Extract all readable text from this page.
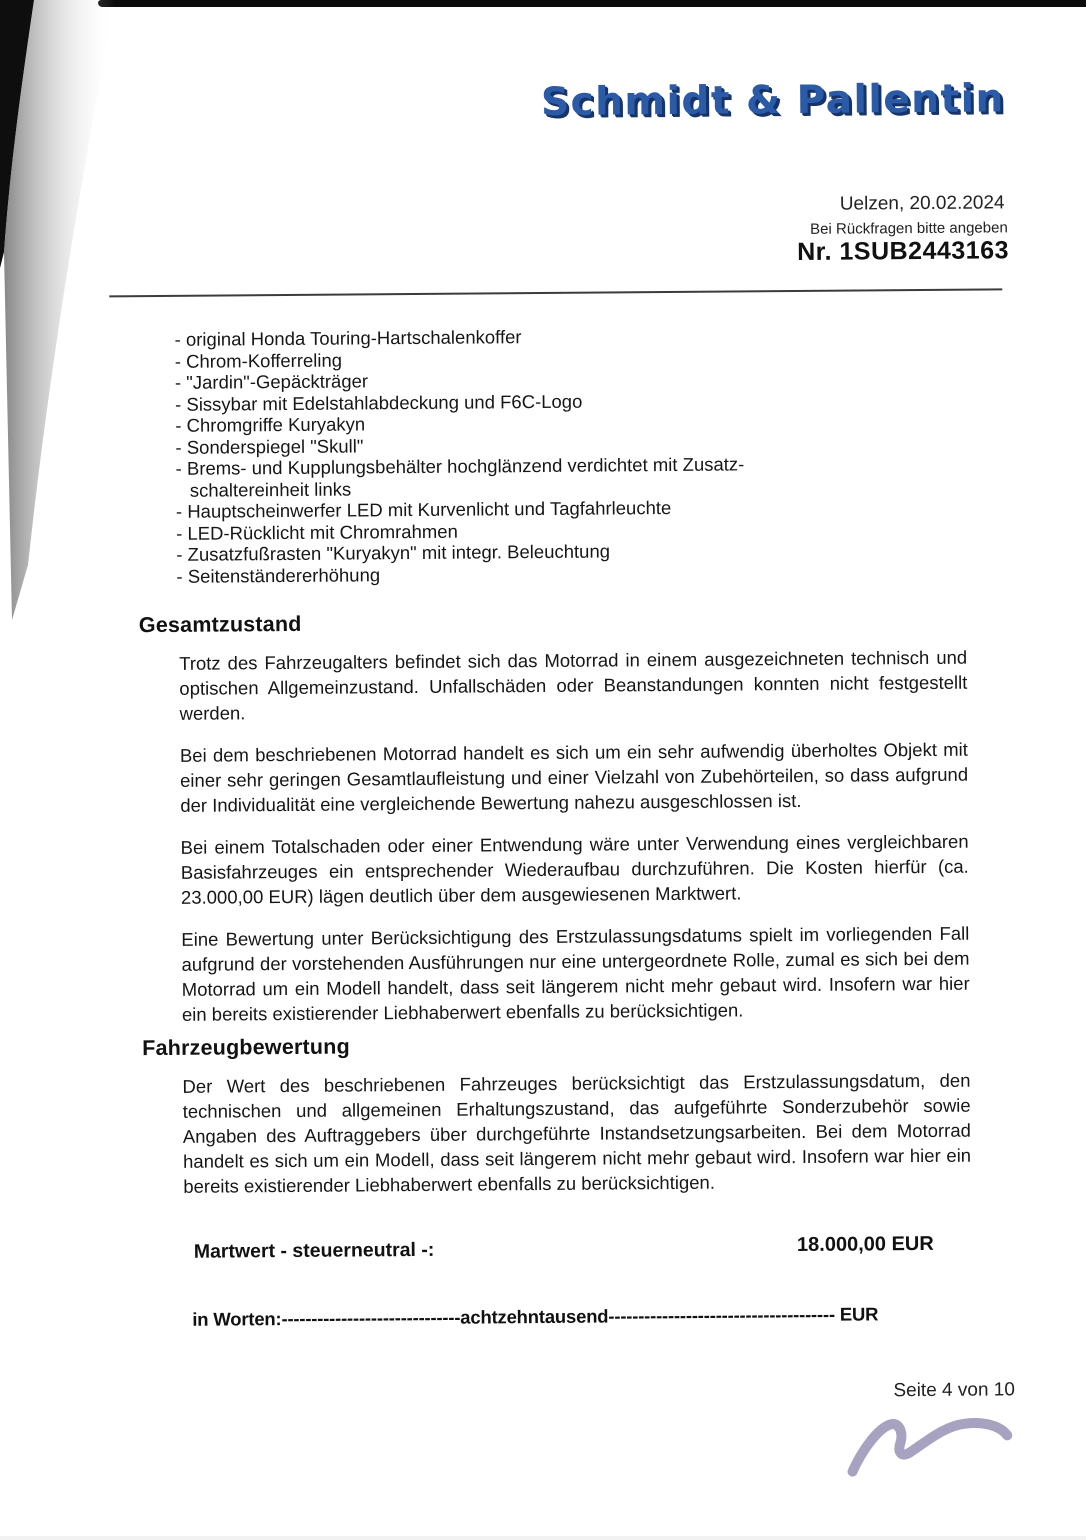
Schmidt & Pallentin
Uelzen, 20.02.2024
Bei Rückfragen bitte angeben
Nr. 1SUB2443163
- original Honda Touring-Hartschalenkoffer
- Chrom-Kofferreling
- "Jardin"-Gepäckträger
- Sissybar mit Edelstahlabdeckung und F6C-Logo
- Chromgriffe Kuryakyn
- Sonderspiegel "Skull"
- Brems- und Kupplungsbehälter hochglänzend verdichtet mit Zusatz-
schaltereinheit links
- Hauptscheinwerfer LED mit Kurvenlicht und Tagfahrleuchte
- LED-Rücklicht mit Chromrahmen
- Zusatzfußrasten "Kuryakyn" mit integr. Beleuchtung
- Seitenständererhöhung
Gesamtzustand

Trotz des Fahrzeugalters befindet sich das Motorrad in einem ausgezeichneten technisch und optischen Allgemeinzustand. Unfallschäden oder Beanstandungen konnten nicht festgestellt werden.

Bei dem beschriebenen Motorrad handelt es sich um ein sehr aufwendig überholtes Objekt mit einer sehr geringen Gesamtlaufleistung und einer Vielzahl von Zubehörteilen, so dass aufgrund der Individualität eine vergleichende Bewertung nahezu ausgeschlossen ist.

Bei einem Totalschaden oder einer Entwendung wäre unter Verwendung eines vergleichbaren Basisfahrzeuges ein entsprechender Wiederaufbau durchzuführen. Die Kosten hierfür (ca. 23.000,00 EUR) lägen deutlich über dem ausgewiesenen Marktwert.

Eine Bewertung unter Berücksichtigung des Erstzulassungsdatums spielt im vorliegenden Fall aufgrund der vorstehenden Ausführungen nur eine untergeordnete Rolle, zumal es sich bei dem Motorrad um ein Modell handelt, dass seit längerem nicht mehr gebaut wird. Insofern war hier ein bereits existierender Liebhaberwert ebenfalls zu berücksichtigen.

Fahrzeugbewertung

Der Wert des beschriebenen Fahrzeuges berücksichtigt das Erstzulassungsdatum, den technischen und allgemeinen Erhaltungszustand, das aufgeführte Sonderzubehör sowie Angaben des Auftraggebers über durchgeführte Instandsetzungsarbeiten. Bei dem Motorrad handelt es sich um ein Modell, dass seit längerem nicht mehr gebaut wird. Insofern war hier ein bereits existierender Liebhaberwert ebenfalls zu berücksichtigen.

Martwert - steuerneutral -:	18.000,00 EUR
in Worten:------------------------------achtzehntausend-------------------------------------- EUR
Seite 4 von 10
